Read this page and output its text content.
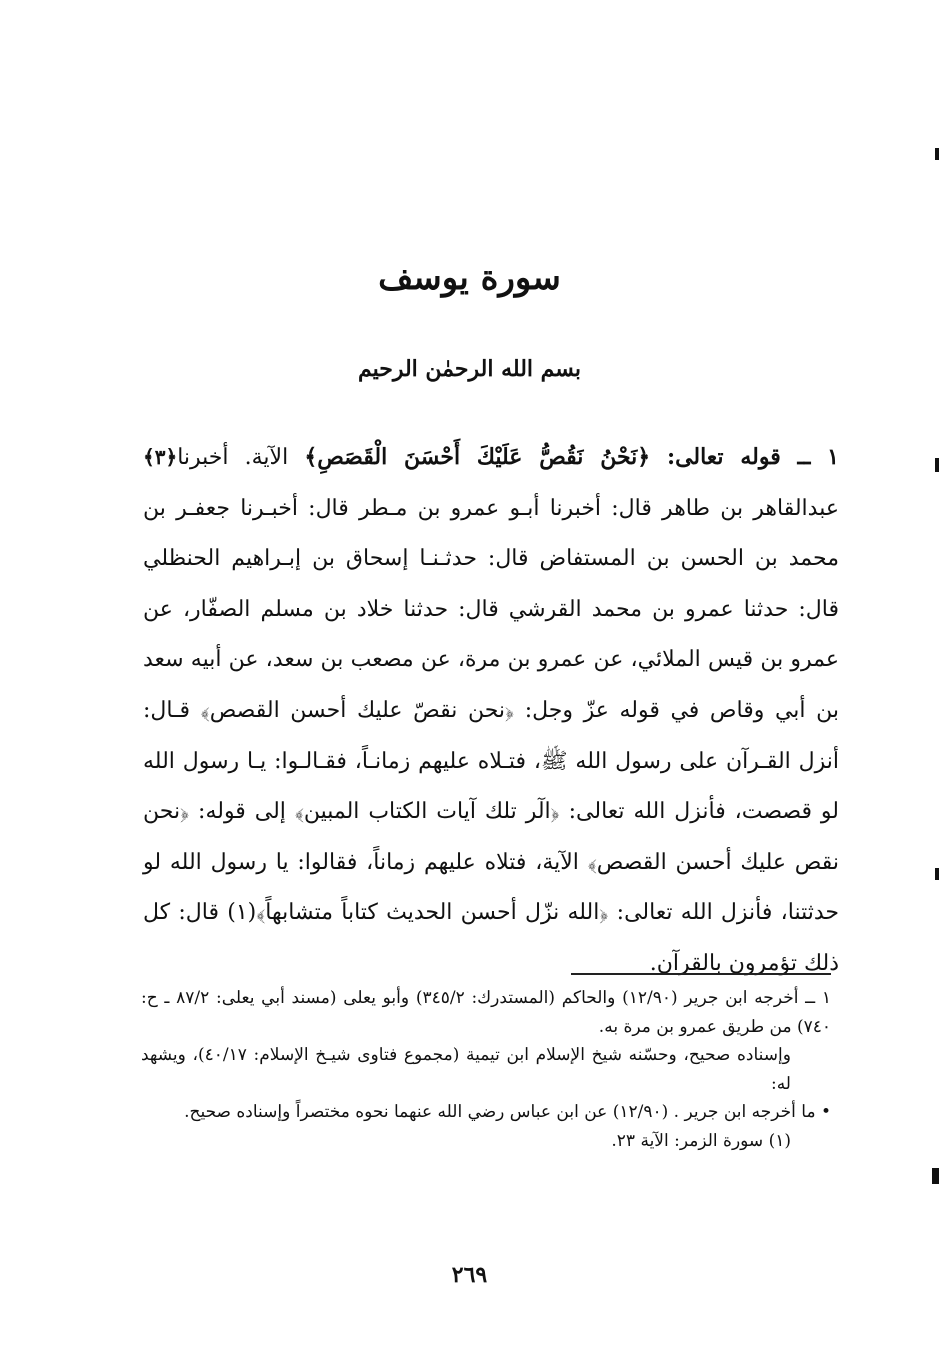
سورة يوسف
بسم الله الرحمٰن الرحيم
﴿٣﴾	١ ــ قوله تعالى: ﴿نَحْنُ نَقُصُّ عَلَيْكَ أَحْسَنَ الْقَصَصِ﴾ الآية. أخبرنا عبدالقاهر بن طاهر قال: أخبرنا أبـو عمرو بن مـطر قال: أخبـرنا جعفـر بن محمد بن الحسن بن المستفاض قال: حدثـنـا إسحاق بن إبـراهيم الحنظلي قال: حدثنا عمرو بن محمد القرشي قال: حدثنا خلاد بن مسلم الصفّار، عن عمرو بن قيس الملائي، عن عمرو بن مرة، عن مصعب بن سعد، عن أبيه سعد بن أبي وقاص في قوله عزّ وجل: ﴿نحن نقصّ عليك أحسن القصص﴾ قـال: أنزل القـرآن على رسول الله ﷺ، فتـلاه عليهم زمانـاً، فقـالـوا: يـا رسول الله لو قصصت، فأنزل الله تعالى: ﴿الٓر تلك آيات الكتاب المبين﴾ إلى قوله: ﴿نحن نقص عليك أحسن القصص﴾ الآية، فتلاه عليهم زماناً، فقالوا: يا رسول الله لو حدثتنا، فأنزل الله تعالى: ﴿الله نزّل أحسن الحديث كتاباً متشابهاً﴾(١) قال: كل ذلك تؤمرون بالقرآن.

١ ــ أخرجه ابن جرير (١٢/٩٠) والحاكم (المستدرك: ٣٤٥/٢) وأبو يعلى (مسند أبي يعلى: ٨٧/٢ ـ ح: ٧٤٠) من طريق عمرو بن مرة به.

وإسناده صحيح، وحسّنه شيخ الإسلام ابن تيمية (مجموع فتاوى شيـخ الإسلام: ٤٠/١٧)، ويشهد له:

• ما أخرجه ابن جرير . (١٢/٩٠) عن ابن عباس رضي الله عنهما نحوه مختصراً وإسناده صحيح.

(١) سورة الزمر: الآية ٢٣.

٢٦٩
